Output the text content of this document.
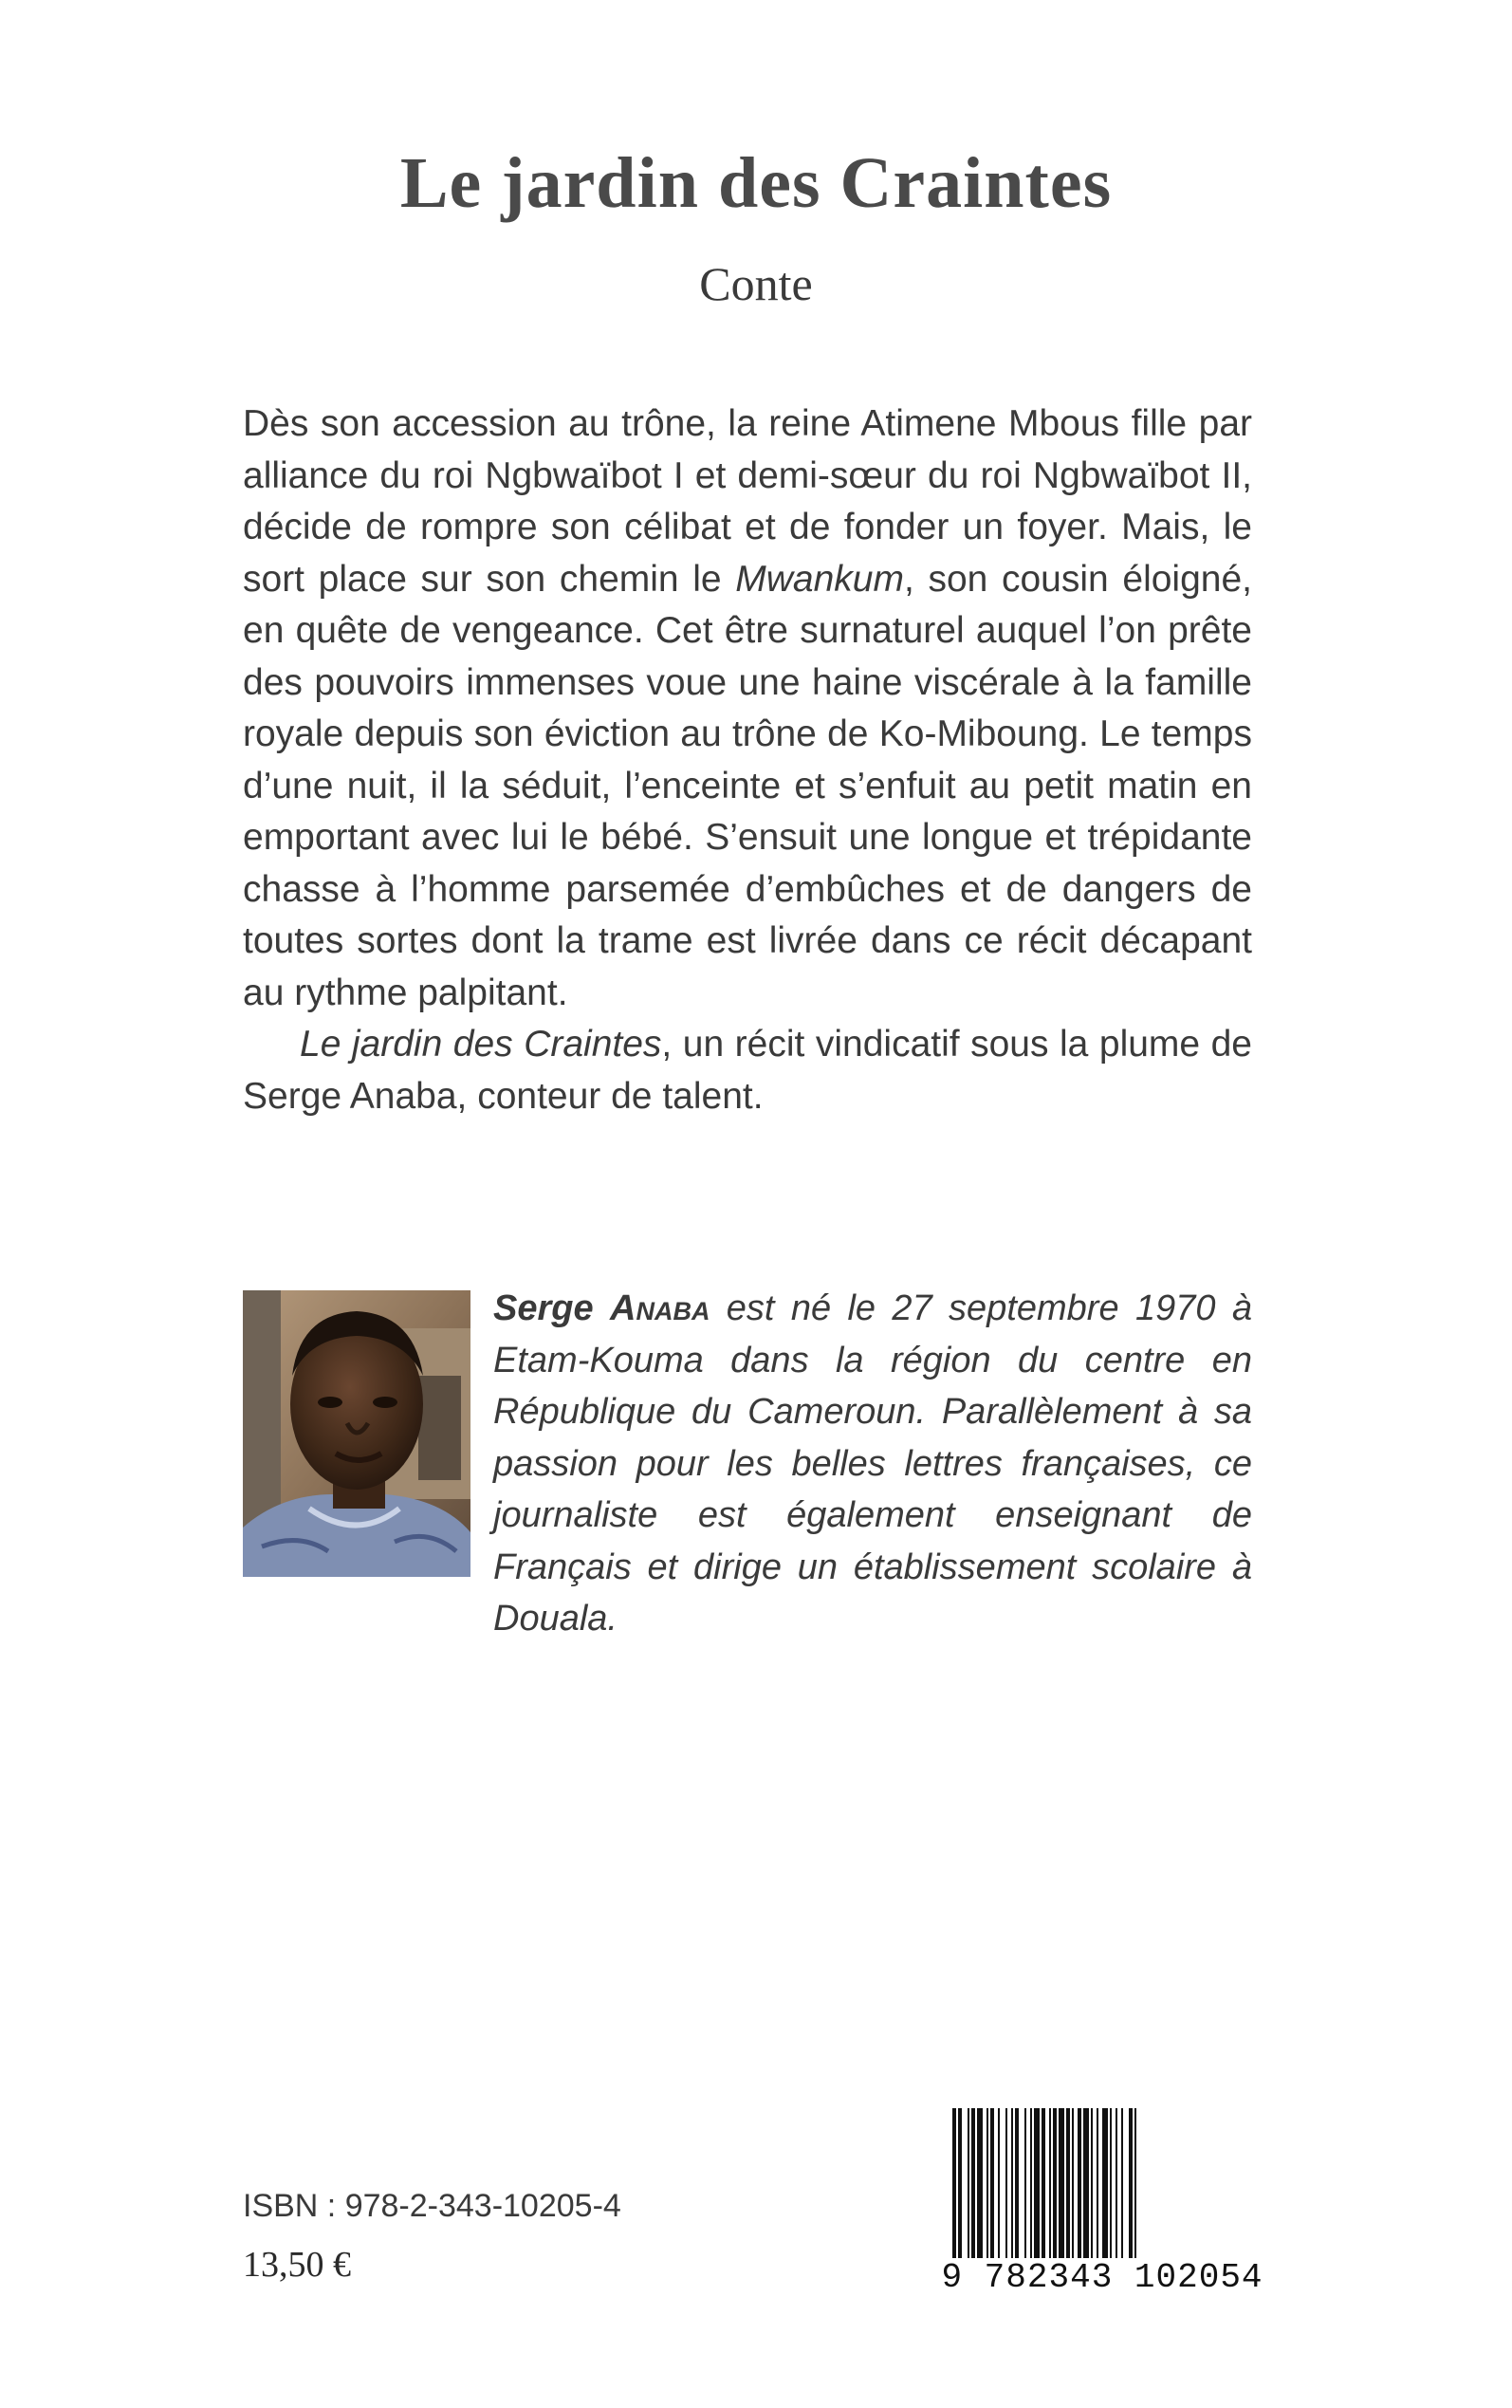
Le jardin des Craintes
Conte

Dès son accession au trône, la reine Atimene Mbous fille par alliance du roi Ngbwaïbot I et demi-sœur du roi Ngbwaïbot II, décide de rompre son célibat et de fonder un foyer. Mais, le sort place sur son chemin le Mwankum, son cousin éloigné, en quête de vengeance. Cet être surnaturel auquel l’on prête des pouvoirs immenses voue une haine viscérale à la famille royale depuis son éviction au trône de Ko-Miboung. Le temps d’une nuit, il la séduit, l’enceinte et s’enfuit au petit matin en emportant avec lui le bébé. S’ensuit une longue et trépidante chasse à l’homme parsemée d’embûches et de dangers de toutes sortes dont la trame est livrée dans ce récit décapant au rythme palpitant.

Le jardin des Craintes, un récit vindicatif sous la plume de Serge Anaba, conteur de talent.

Serge Anaba est né le 27 septembre 1970 à Etam-Kouma dans la région du centre en République du Cameroun. Parallèlement à sa passion pour les belles lettres françaises, ce journaliste est également enseignant de Français et dirige un établissement scolaire à Douala.
ISBN : 978-2-343-10205-4
13,50 €	9 782343 102054
